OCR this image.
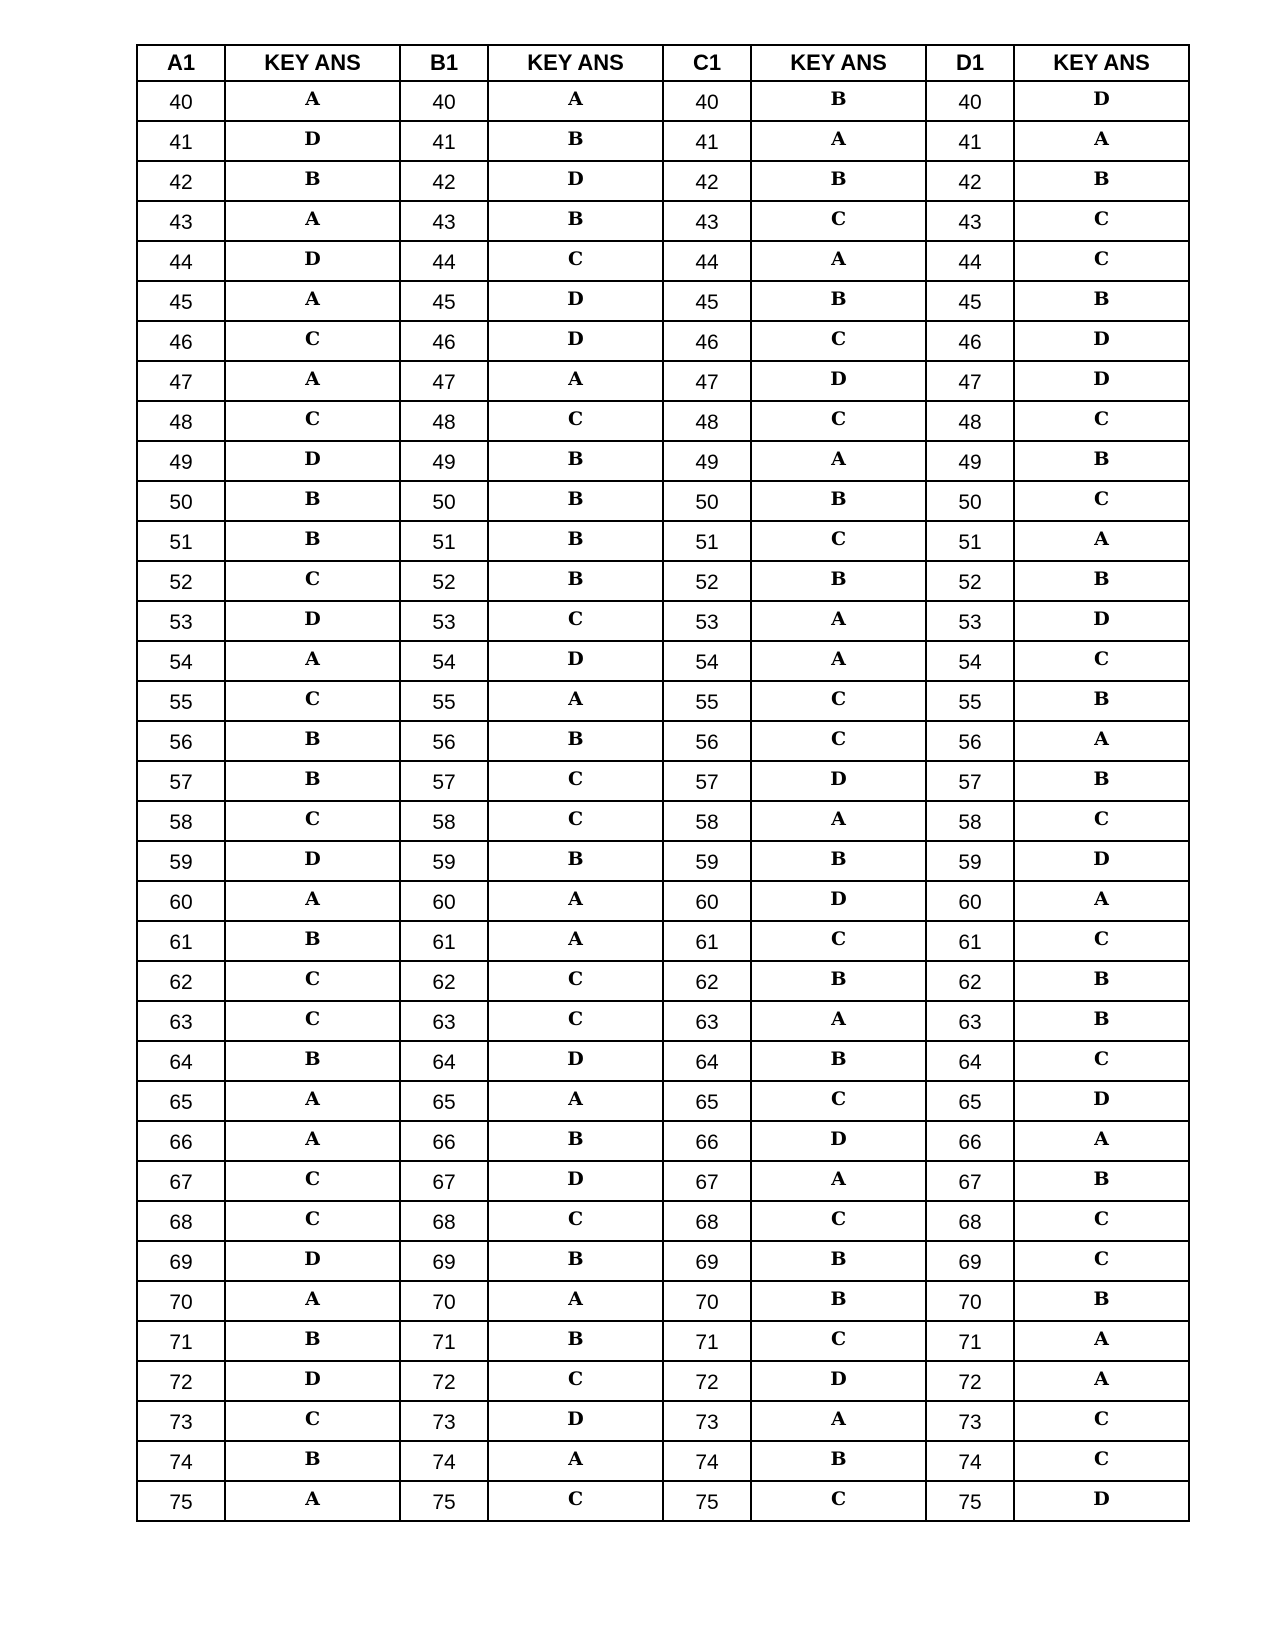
A1	KEY ANS	B1	KEY ANS	C1	KEY ANS	D1	KEY ANS
40	A	40	A	40	B	40	D
41	D	41	B	41	A	41	A
42	B	42	D	42	B	42	B
43	A	43	B	43	C	43	C
44	D	44	C	44	A	44	C
45	A	45	D	45	B	45	B
46	C	46	D	46	C	46	D
47	A	47	A	47	D	47	D
48	C	48	C	48	C	48	C
49	D	49	B	49	A	49	B
50	B	50	B	50	B	50	C
51	B	51	B	51	C	51	A
52	C	52	B	52	B	52	B
53	D	53	C	53	A	53	D
54	A	54	D	54	A	54	C
55	C	55	A	55	C	55	B
56	B	56	B	56	C	56	A
57	B	57	C	57	D	57	B
58	C	58	C	58	A	58	C
59	D	59	B	59	B	59	D
60	A	60	A	60	D	60	A
61	B	61	A	61	C	61	C
62	C	62	C	62	B	62	B
63	C	63	C	63	A	63	B
64	B	64	D	64	B	64	C
65	A	65	A	65	C	65	D
66	A	66	B	66	D	66	A
67	C	67	D	67	A	67	B
68	C	68	C	68	C	68	C
69	D	69	B	69	B	69	C
70	A	70	A	70	B	70	B
71	B	71	B	71	C	71	A
72	D	72	C	72	D	72	A
73	C	73	D	73	A	73	C
74	B	74	A	74	B	74	C
75	A	75	C	75	C	75	D
